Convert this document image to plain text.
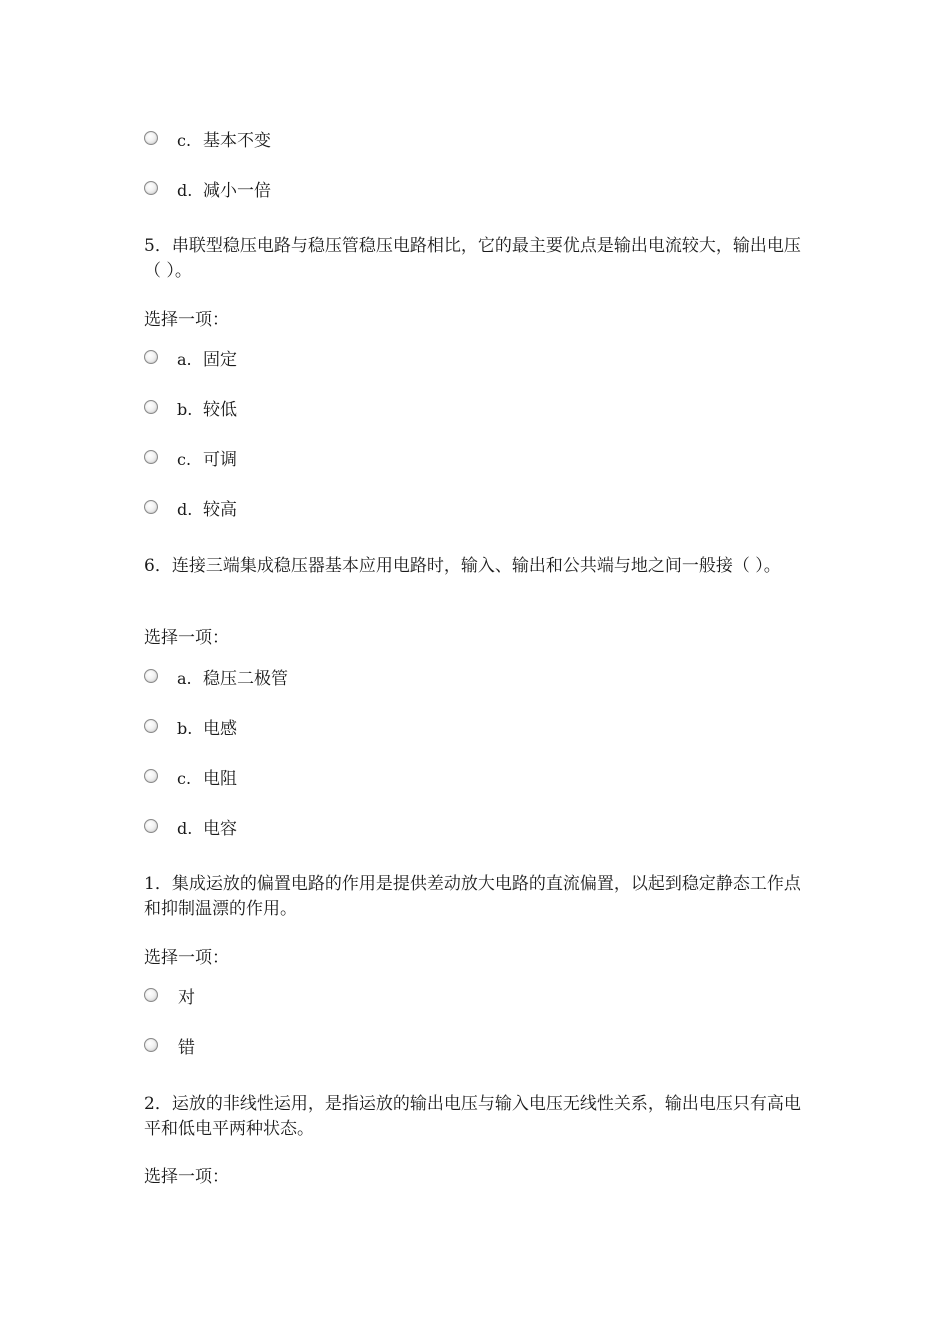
c. 基本不变
d. 减小一倍
5．串联型稳压电路与稳压管稳压电路相比，它的最主要优点是输出电流较大，输出电压（ ）。
选择一项：
a. 固定
b. 较低
c. 可调
d. 较高
6．连接三端集成稳压器基本应用电路时，输入、输出和公共端与地之间一般接（ ）。
选择一项：
a. 稳压二极管
b. 电感
c. 电阻
d. 电容
1．集成运放的偏置电路的作用是提供差动放大电路的直流偏置，以起到稳定静态工作点和抑制温漂的作用。
选择一项：
对
错
2．运放的非线性运用，是指运放的输出电压与输入电压无线性关系，输出电压只有高电平和低电平两种状态。
选择一项：
